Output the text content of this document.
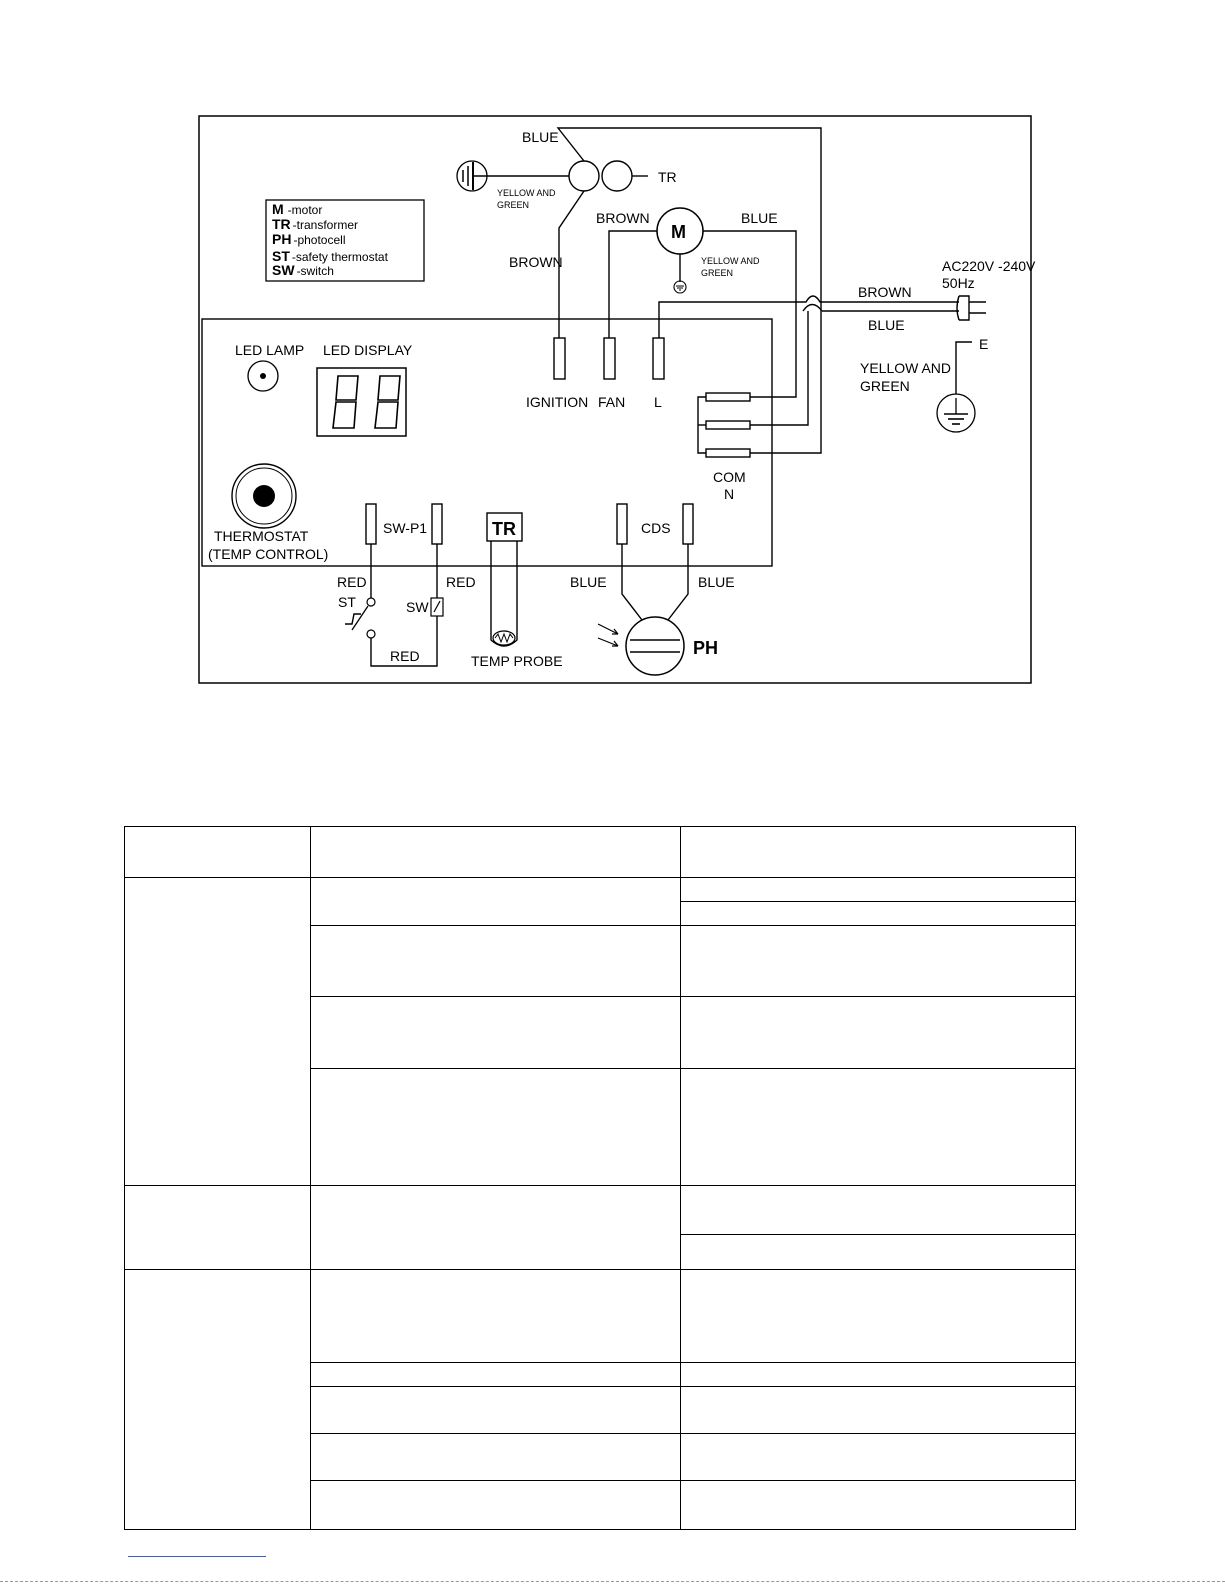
M -motor
TR -transformer
PH -photocell
ST -safety thermostat
SW -switch
TR
YELLOW AND
GREEN
BLUE
BROWN
M
BROWN	BLUE
YELLOW AND
GREEN	AC220V -240V
50Hz
BROWN
BLUE
E
YELLOW AND
GREEN
IGNITION FAN L
COM
N
LED LAMP LED DISPLAY
THERMOSTAT
(TEMP CONTROL)
SW-P1
RED
ST
RED
RED
SW
TR
TEMP PROBE
CDS
BLUE	BLUE
PH
